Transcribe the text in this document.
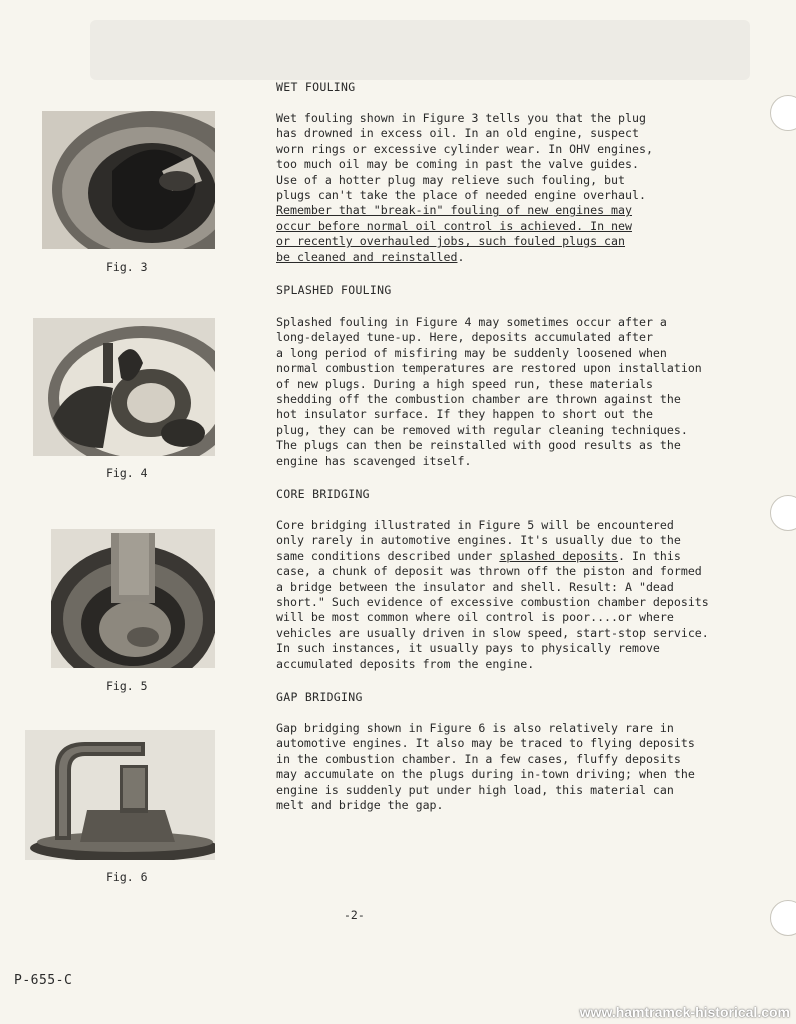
WET FOULING

Wet fouling shown in Figure 3 tells you that the plug
has drowned in excess oil. In an old engine, suspect
worn rings or excessive cylinder wear. In OHV engines,
too much oil may be coming in past the valve guides.
Use of a hotter plug may relieve such fouling, but
plugs can't take the place of needed engine overhaul.
Remember that "break-in" fouling of new engines may
occur before normal oil control is achieved. In new
or recently overhauled jobs, such fouled plugs can
be cleaned and reinstalled.

SPLASHED FOULING

Splashed fouling in Figure 4 may sometimes occur after a
long-delayed tune-up. Here, deposits accumulated after
a long period of misfiring may be suddenly loosened when
normal combustion temperatures are restored upon installation
of new plugs. During a high speed run, these materials
shedding off the combustion chamber are thrown against the
hot insulator surface. If they happen to short out the
plug, they can be removed with regular cleaning techniques.
The plugs can then be reinstalled with good results as the
engine has scavenged itself.

CORE BRIDGING

Core bridging illustrated in Figure 5 will be encountered
only rarely in automotive engines. It's usually due to the
same conditions described under splashed deposits. In this
case, a chunk of deposit was thrown off the piston and formed
a bridge between the insulator and shell. Result: A "dead
short." Such evidence of excessive combustion chamber deposits
will be most common where oil control is poor....or where
vehicles are usually driven in slow speed, start-stop service.
In such instances, it usually pays to physically remove
accumulated deposits from the engine.

GAP BRIDGING

Gap bridging shown in Figure 6 is also relatively rare in
automotive engines. It also may be traced to flying deposits
in the combustion chamber. In a few cases, fluffy deposits
may accumulate on the plugs during in-town driving; when the
engine is suddenly put under high load, this material can
melt and bridge the gap.

Fig. 3
Fig. 4
Fig. 5
Fig. 6
-2-
P-655-C
www.hamtramck-historical.com
